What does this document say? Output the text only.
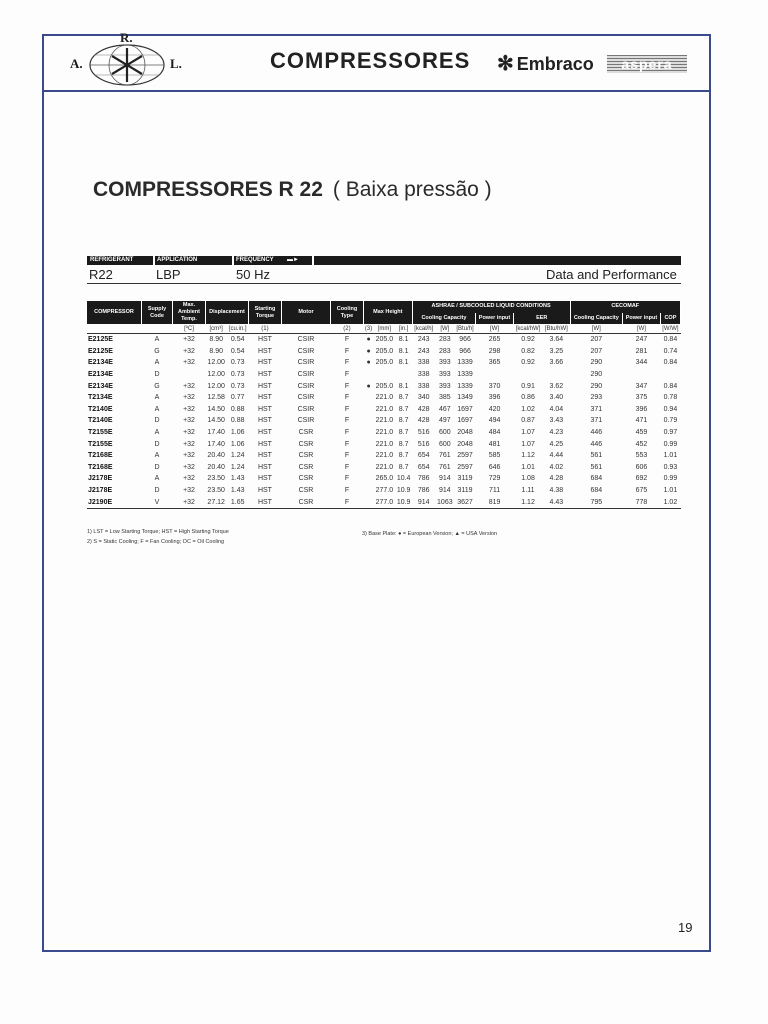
R.
A.	L.	COMPRESSORES ✻ Embraco	aspera
COMPRESSORES R 22 ( Baixa pressão )
REFRIGERANT	APPLICATION	FREQUENCY ▬►
R22	LBP	50 Hz	Data and Performance
COMPRESSOR	Supply Code	Max. Ambient Temp.	Displacement		Starting Torque	Motor	Cooling Type	Max Height			ASHRAE / SUBCOOLED LIQUID CONDITIONS						CECOMAF		
											Cooling Capacity			Power input	EER		Cooling Capacity	Power input	COP
		[ºC]	[cm³]	[cu.in.]	(1)		(2)	(3)	[mm]	[in.]	[kcal/h]	[W]	[Btu/h]	[W]	[kcal/hW]	[Btu/hW]	[W]	[W]	[W/W]
E2125E	A	+32	8.90	0.54	HST	CSIR	F	●	205.0	8.1	243	283	966	265	0.92	3.64	207	247	0.84
E2125E	G	+32	8.90	0.54	HST	CSIR	F	●	205.0	8.1	243	283	966	298	0.82	3.25	207	281	0.74
E2134E	A	+32	12.00	0.73	HST	CSIR	F	●	205.0	8.1	338	393	1339	365	0.92	3.66	290	344	0.84
E2134E	D		12.00	0.73	HST	CSIR	F				338	393	1339				290		
E2134E	G	+32	12.00	0.73	HST	CSIR	F	●	205.0	8.1	338	393	1339	370	0.91	3.62	290	347	0.84
T2134E	A	+32	12.58	0.77	HST	CSIR	F		221.0	8.7	340	385	1349	396	0.86	3.40	293	375	0.78
T2140E	A	+32	14.50	0.88	HST	CSIR	F		221.0	8.7	428	467	1697	420	1.02	4.04	371	396	0.94
T2140E	D	+32	14.50	0.88	HST	CSIR	F		221.0	8.7	428	497	1697	494	0.87	3.43	371	471	0.79
T2155E	A	+32	17.40	1.06	HST	CSR	F		221.0	8.7	516	600	2048	484	1.07	4.23	446	459	0.97
T2155E	D	+32	17.40	1.06	HST	CSR	F		221.0	8.7	516	600	2048	481	1.07	4.25	446	452	0.99
T2168E	A	+32	20.40	1.24	HST	CSR	F		221.0	8.7	654	761	2597	585	1.12	4.44	561	553	1.01
T2168E	D	+32	20.40	1.24	HST	CSR	F		221.0	8.7	654	761	2597	646	1.01	4.02	561	606	0.93
J2178E	A	+32	23.50	1.43	HST	CSR	F		265.0	10.4	786	914	3119	729	1.08	4.28	684	692	0.99
J2178E	D	+32	23.50	1.43	HST	CSR	F		277.0	10.9	786	914	3119	711	1.11	4.38	684	675	1.01
J2190E	V	+32	27.12	1.65	HST	CSR	F		277.0	10.9	914	1063	3627	819	1.12	4.43	795	778	1.02
1) LST = Low Starting Torque; HST = High Starting Torque
2) S = Static Cooling; F = Fan Cooling; OC = Oil Cooling
3) Base Plate: ● = European Version; ▲ = USA Version
19
